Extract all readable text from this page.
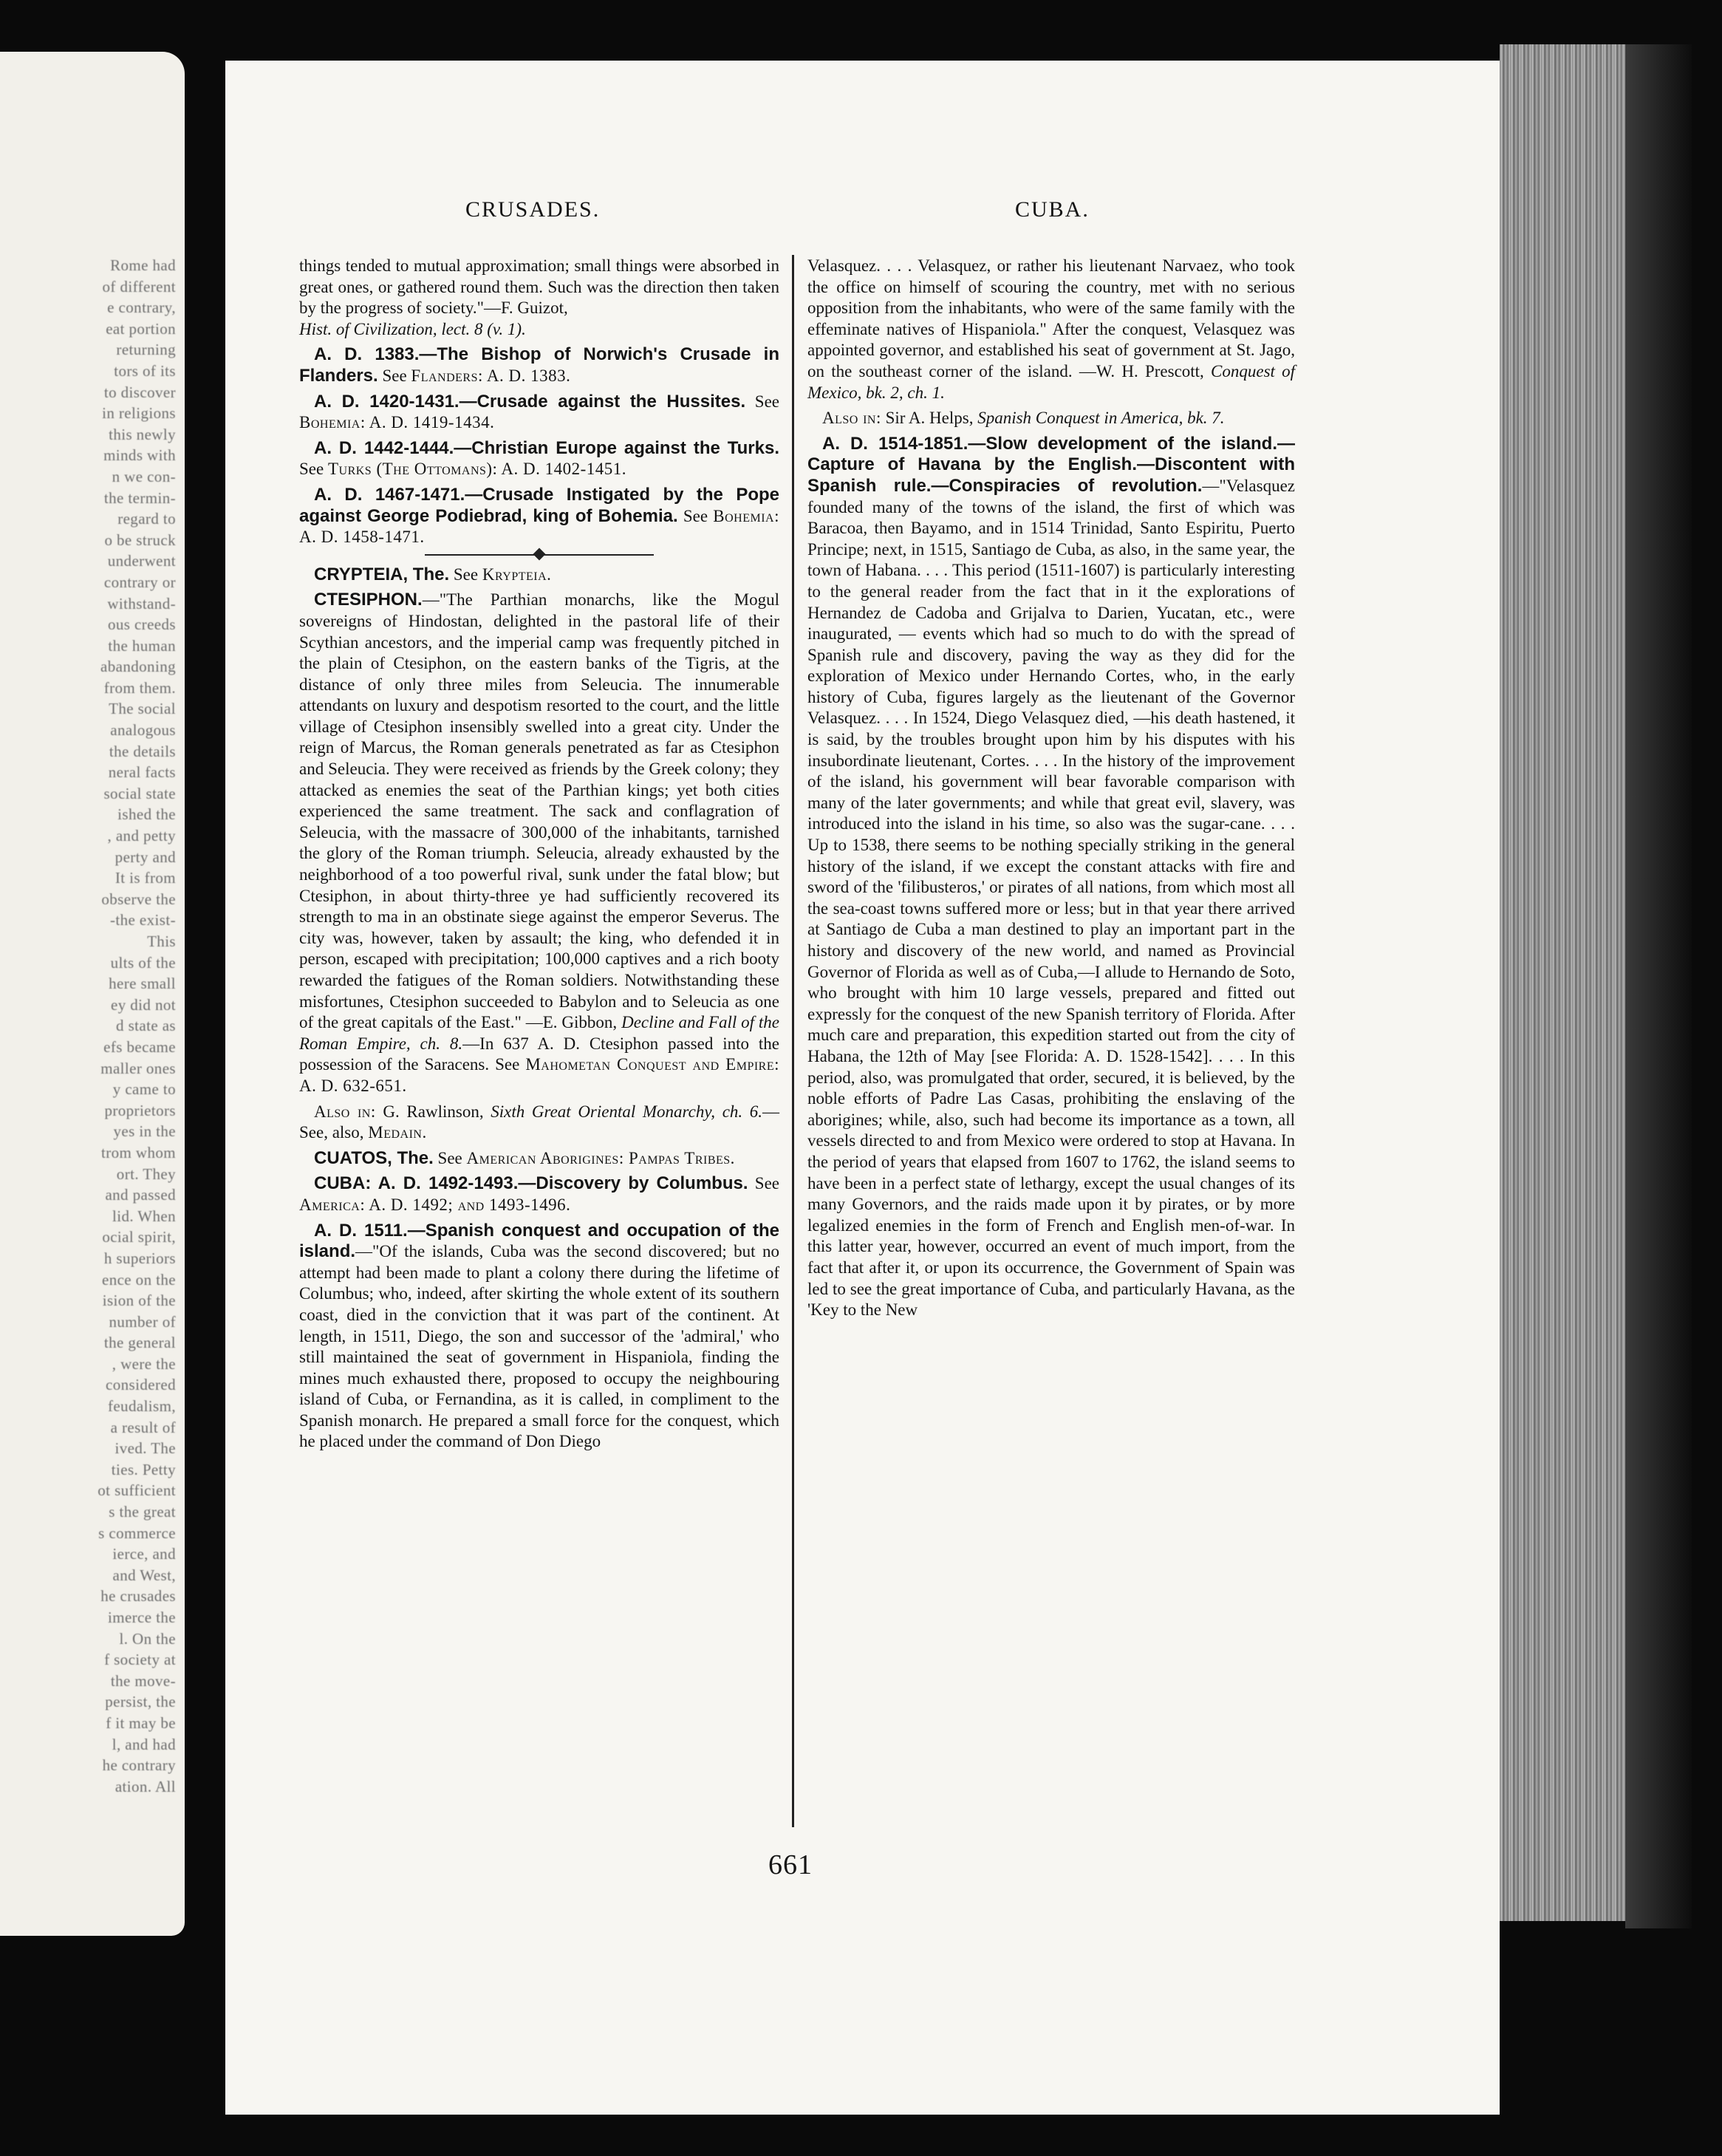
Rome had
of different
e contrary,
eat portion
returning
tors of its
to discover
in religions
this newly
minds with
n we con-
the termin-
regard to
o be struck
underwent
contrary or
withstand-
ous creeds
the human
abandoning
from them.
The social
analogous
the details
neral facts
social state
ished the
, and petty
perty and
It is from
observe the
-the exist-
This
ults of the
here small
ey did not
d state as
efs became
maller ones
y came to
proprietors
yes in the
trom whom
ort. They
and passed
lid. When
ocial spirit,
h superiors
ence on the
ision of the
number of
the general
, were the
considered
feudalism,
a result of
ived. The
ties. Petty
ot sufficient
s the great
s commerce
ierce, and
and West,
he crusades
imerce the
l. On the
f society at
the move-
persist, the
f it may be
l, and had
he contrary
ation. All
CRUSADES.	CUBA.

things tended to mutual approximation; small things were absorbed in great ones, or gathered round them. Such was the direction then taken by the progress of society."—F. Guizot,

Hist. of Civilization, lect. 8 (v. 1).

A. D. 1383.—The Bishop of Norwich's Crusade in Flanders. See Flanders: A. D. 1383.

A. D. 1420-1431.—Crusade against the Hussites. See Bohemia: A. D. 1419-1434.

A. D. 1442-1444.—Christian Europe against the Turks. See Turks (The Ottomans): A. D. 1402-1451.

A. D. 1467-1471.—Crusade Instigated by the Pope against George Podiebrad, king of Bohemia. See Bohemia: A. D. 1458-1471.

CRYPTEIA, The. See Krypteia.

CTESIPHON.—"The Parthian monarchs, like the Mogul sovereigns of Hindostan, delighted in the pastoral life of their Scythian ancestors, and the imperial camp was frequently pitched in the plain of Ctesiphon, on the eastern banks of the Tigris, at the distance of only three miles from Seleucia. The innumerable attendants on luxury and despotism resorted to the court, and the little village of Ctesiphon insensibly swelled into a great city. Under the reign of Marcus, the Roman generals penetrated as far as Ctesiphon and Seleucia. They were received as friends by the Greek colony; they attacked as enemies the seat of the Parthian kings; yet both cities experienced the same treatment. The sack and conflagration of Seleucia, with the massacre of 300,000 of the inhabitants, tarnished the glory of the Roman triumph. Seleucia, already exhausted by the neighborhood of a too powerful rival, sunk under the fatal blow; but Ctesiphon, in about thirty-three ye had sufficiently recovered its strength to ma in an obstinate siege against the emperor Severus. The city was, however, taken by assault; the king, who defended it in person, escaped with precipitation; 100,000 captives and a rich booty rewarded the fatigues of the Roman soldiers. Notwithstanding these misfortunes, Ctesiphon succeeded to Babylon and to Seleucia as one of the great capitals of the East." —E. Gibbon, Decline and Fall of the Roman Empire, ch. 8.—In 637 A. D. Ctesiphon passed into the possession of the Saracens. See Mahometan Conquest and Empire: A. D. 632-651.

Also in: G. Rawlinson, Sixth Great Oriental Monarchy, ch. 6.—See, also, Medain.

CUATOS, The. See American Aborigines: Pampas Tribes.

CUBA: A. D. 1492-1493.—Discovery by Columbus. See America: A. D. 1492; and 1493-1496.

A. D. 1511.—Spanish conquest and occupation of the island.—"Of the islands, Cuba was the second discovered; but no attempt had been made to plant a colony there during the lifetime of Columbus; who, indeed, after skirting the whole extent of its southern coast, died in the conviction that it was part of the continent. At length, in 1511, Diego, the son and successor of the 'admiral,' who still maintained the seat of government in Hispaniola, finding the mines much exhausted there, proposed to occupy the neighbouring island of Cuba, or Fernandina, as it is called, in compliment to the Spanish monarch. He prepared a small force for the conquest, which he placed under the command of Don Diego

Velasquez. . . . Velasquez, or rather his lieutenant Narvaez, who took the office on himself of scouring the country, met with no serious opposition from the inhabitants, who were of the same family with the effeminate natives of Hispaniola." After the conquest, Velasquez was appointed governor, and established his seat of government at St. Jago, on the southeast corner of the island. —W. H. Prescott, Conquest of Mexico, bk. 2, ch. 1.

Also in: Sir A. Helps, Spanish Conquest in America, bk. 7.

A. D. 1514-1851.—Slow development of the island.—Capture of Havana by the English.—Discontent with Spanish rule.—Conspiracies of revolution.—"Velasquez founded many of the towns of the island, the first of which was Baracoa, then Bayamo, and in 1514 Trinidad, Santo Espiritu, Puerto Principe; next, in 1515, Santiago de Cuba, as also, in the same year, the town of Habana. . . . This period (1511-1607) is particularly interesting to the general reader from the fact that in it the explorations of Hernandez de Cadoba and Grijalva to Darien, Yucatan, etc., were inaugurated, — events which had so much to do with the spread of Spanish rule and discovery, paving the way as they did for the exploration of Mexico under Hernando Cortes, who, in the early history of Cuba, figures largely as the lieutenant of the Governor Velasquez. . . . In 1524, Diego Velasquez died, —his death hastened, it is said, by the troubles brought upon him by his disputes with his insubordinate lieutenant, Cortes. . . . In the history of the improvement of the island, his government will bear favorable comparison with many of the later governments; and while that great evil, slavery, was introduced into the island in his time, so also was the sugar-cane. . . . Up to 1538, there seems to be nothing specially striking in the general history of the island, if we except the constant attacks with fire and sword of the 'filibusteros,' or pirates of all nations, from which most all the sea-coast towns suffered more or less; but in that year there arrived at Santiago de Cuba a man destined to play an important part in the history and discovery of the new world, and named as Provincial Governor of Florida as well as of Cuba,—I allude to Hernando de Soto, who brought with him 10 large vessels, prepared and fitted out expressly for the conquest of the new Spanish territory of Florida. After much care and preparation, this expedition started out from the city of Habana, the 12th of May [see Florida: A. D. 1528-1542]. . . . In this period, also, was promulgated that order, secured, it is believed, by the noble efforts of Padre Las Casas, prohibiting the enslaving of the aborigines; while, also, such had become its importance as a town, all vessels directed to and from Mexico were ordered to stop at Havana. In the period of years that elapsed from 1607 to 1762, the island seems to have been in a perfect state of lethargy, except the usual changes of its many Governors, and the raids made upon it by pirates, or by more legalized enemies in the form of French and English men-of-war. In this latter year, however, occurred an event of much import, from the fact that after it, or upon its occurrence, the Government of Spain was led to see the great importance of Cuba, and particularly Havana, as the 'Key to the New

661
